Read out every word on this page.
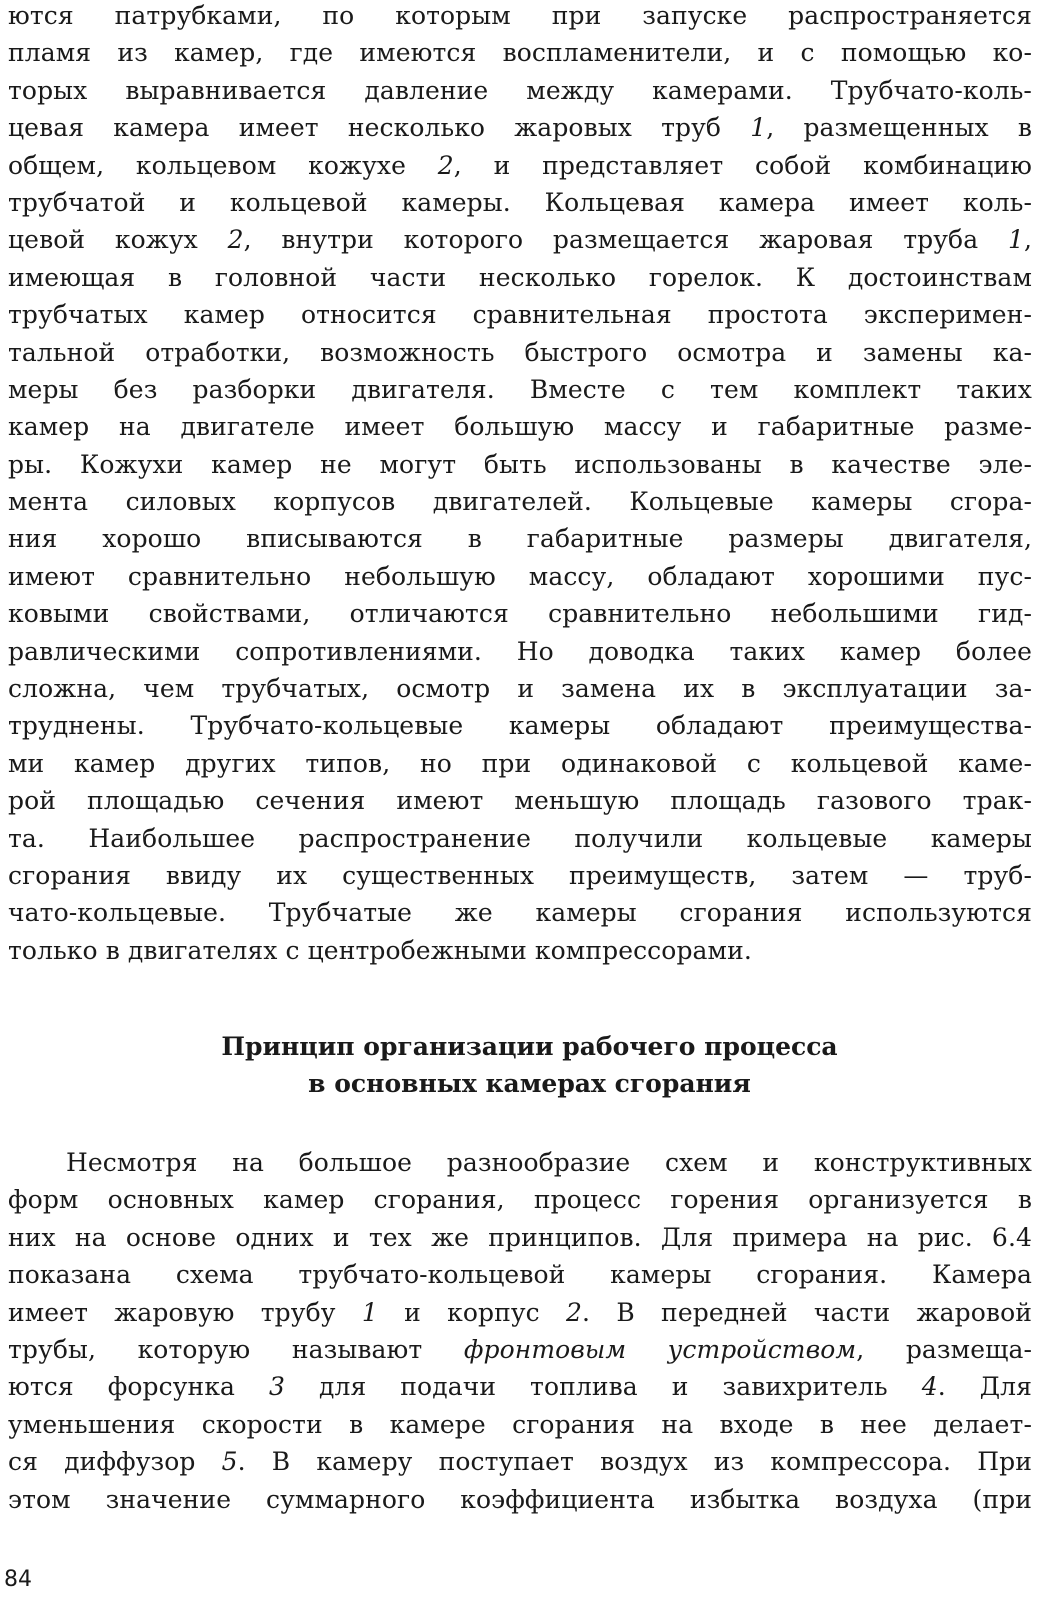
ются патрубками, по которым при запуске распространяется
пламя из камер, где имеются воспламенители, и с помощью ко-
торых выравнивается давление между камерами. Трубчато-коль-
цевая камера имеет несколько жаровых труб 1, размещенных в
общем, кольцевом кожухе 2, и представляет собой комбинацию
трубчатой и кольцевой камеры. Кольцевая камера имеет коль-
цевой кожух 2, внутри которого размещается жаровая труба 1,
имеющая в головной части несколько горелок. К достоинствам
трубчатых камер относится сравнительная простота эксперимен-
тальной отработки, возможность быстрого осмотра и замены ка-
меры без разборки двигателя. Вместе с тем комплект таких
камер на двигателе имеет большую массу и габаритные разме-
ры. Кожухи камер не могут быть использованы в качестве эле-
мента силовых корпусов двигателей. Кольцевые камеры сгора-
ния хорошо вписываются в габаритные размеры двигателя,
имеют сравнительно небольшую массу, обладают хорошими пус-
ковыми свойствами, отличаются сравнительно небольшими гид-
равлическими сопротивлениями. Но доводка таких камер более
сложна, чем трубчатых, осмотр и замена их в эксплуатации за-
труднены. Трубчато-кольцевые камеры обладают преимущества-
ми камер других типов, но при одинаковой с кольцевой каме-
рой площадью сечения имеют меньшую площадь газового трак-
та. Наибольшее распространение получили кольцевые камеры
сгорания ввиду их существенных преимуществ, затем — труб-
чато-кольцевые. Трубчатые же камеры сгорания используются
только в двигателях с центробежными компрессорами.
Принцип организации рабочего процесса
в основных камерах сгорания
Несмотря на большое разнообразие схем и конструктивных
форм основных камер сгорания, процесс горения организуется в
них на основе одних и тех же принципов. Для примера на рис. 6.4
показана схема трубчато-кольцевой камеры сгорания. Камера
имеет жаровую трубу 1 и корпус 2. В передней части жаровой
трубы, которую называют фронтовым устройством, размеща-
ются форсунка 3 для подачи топлива и завихритель 4. Для
уменьшения скорости в камере сгорания на входе в нее делает-
ся диффузор 5. В камеру поступает воздух из компрессора. При
этом значение суммарного коэффициента избытка воздуха (при
84
